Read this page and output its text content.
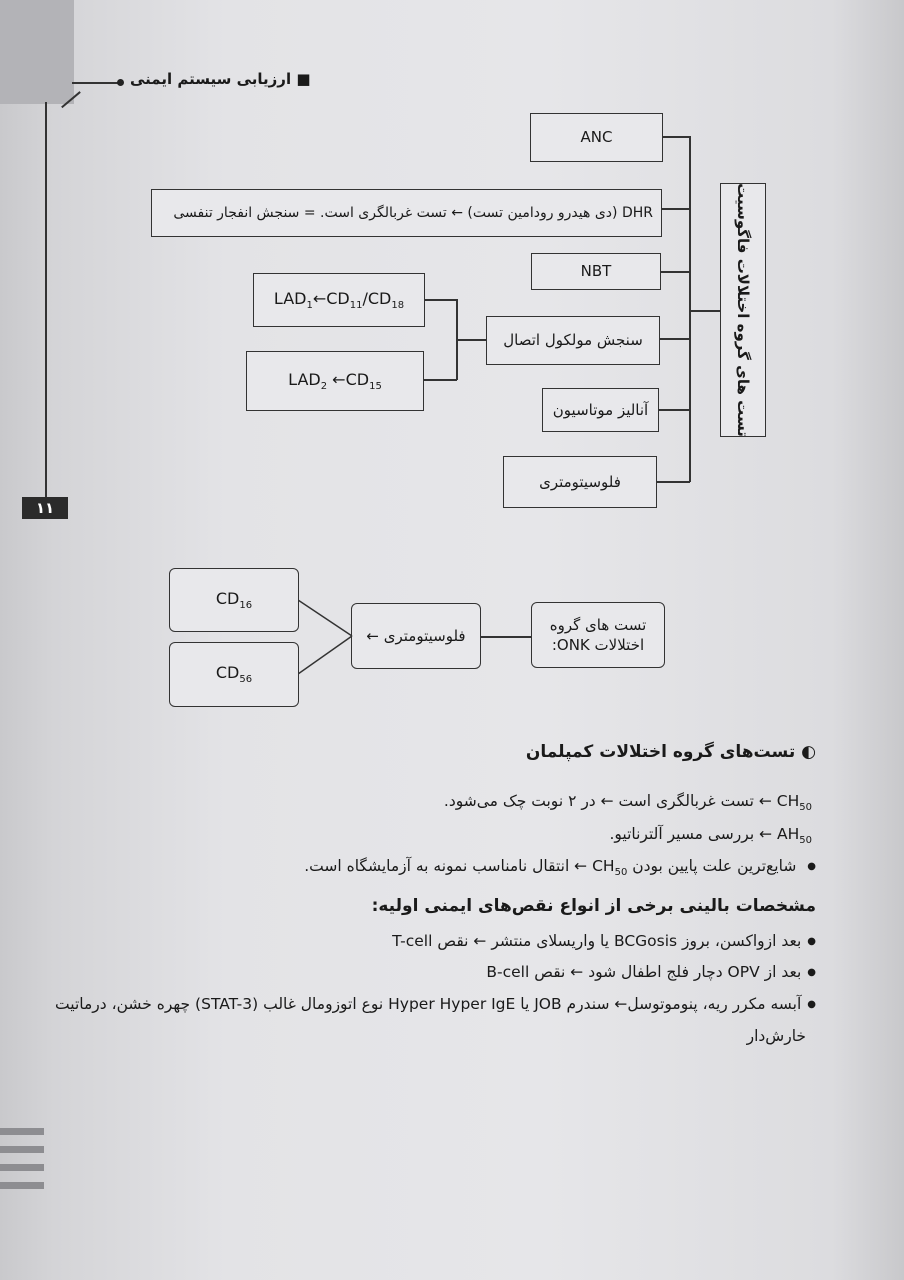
■ ارزیابی سیستم ایمنی
۱۱
تست های گروه اختلالات فاگوسیت
ANC
DHR (دی هیدرو رودامین تست) ← تست غربالگری است. = سنجش انفجار تنفسی
NBT
سنجش مولکول اتصال
$LAD_1\leftarrow CD_{11}/CD_{18}$
$LAD_2$ $\leftarrow CD_{15}$
آنالیز موتاسیون
فلوسیتومتری
تست های گروه
اختلالات ONK:
فلوسیتومتری ←
$CD_{16}$
$CD_{56}$
◐ تست‌های گروه اختلالات کمپلمان
$CH_{50}$ ← تست غربالگری است ← در ۲ نوبت چک می‌شود.
$AH_{50}$ ← بررسی مسیر آلترناتیو.
● شایع‌ترین علت پایین بودن $CH_{50}$ ← انتقال نامناسب نمونه به آزمایشگاه است.
مشخصات بالینی برخی از انواع نقص‌های ایمنی اولیه:
● بعد ازواکسن، بروز BCGosis یا واریسلای منتشر ← نقص T-cell
● بعد از OPV دچار فلج اطفال شود ← نقص B-cell
● آبسه مکرر ریه، پنوموتوسل← سندرم JOB یا Hyper Hyper IgE نوع اتوزومال غالب (STAT-3) چهره خشن، درماتیت
خارش‌دار
